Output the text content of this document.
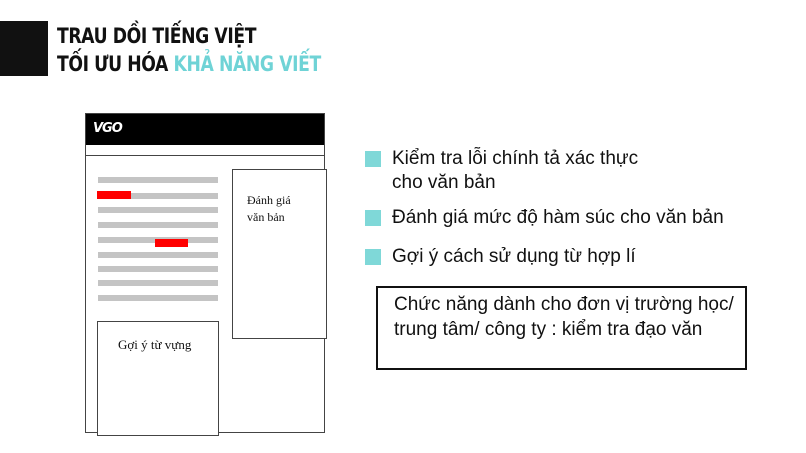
TRAU DỒI TIẾNG VIỆT
TỐI ƯU HÓA KHẢ NĂNG VIẾT
VGO
Đánh giá
văn bản
Gợi ý từ vựng
Kiểm tra lỗi chính tả xác thực
cho văn bản
Đánh giá mức độ hàm súc cho văn bản
Gợi ý cách sử dụng từ hợp lí
Chức năng dành cho đơn vị trường học/ trung tâm/ công ty : kiểm tra đạo văn
